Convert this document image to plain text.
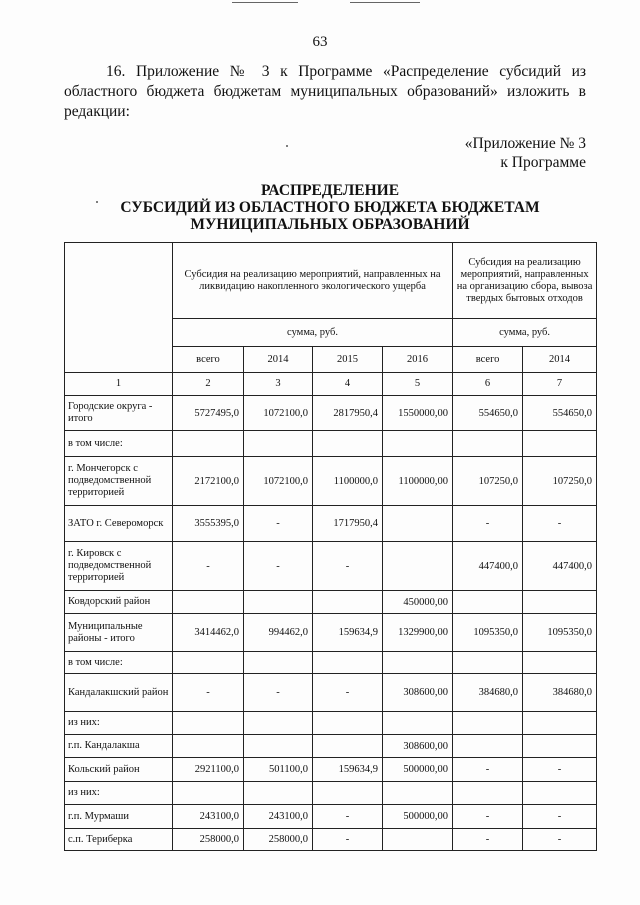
63
16. Приложение № 3 к Программе «Распределение субсидий из областного бюджета бюджетам муниципальных образований» изложить в редакции:
«Приложение № 3
к Программе
РАСПРЕДЕЛЕНИЕ
СУБСИДИЙ ИЗ ОБЛАСТНОГО БЮДЖЕТА БЮДЖЕТАМ
МУНИЦИПАЛЬНЫХ ОБРАЗОВАНИЙ
	Субсидия на реализацию мероприятий, направленных на ликвидацию накопленного экологического ущерба				Субсидия на реализацию мероприятий, направленных на организацию сбора, вывоза твердых бытовых отходов	
	сумма, руб.				сумма, руб.	
	всего	2014	2015	2016	всего	2014
1	2	3	4	5	6	7
Городские округа - итого	5727495,0	1072100,0	2817950,4	1550000,00	554650,0	554650,0
в том числе:						
г. Мончегорск с подведомственной территорией	2172100,0	1072100,0	1100000,0	1100000,00	107250,0	107250,0
ЗАТО г. Североморск	3555395,0	-	1717950,4		-	-
г. Кировск с подведомственной территорией	-	-	-		447400,0	447400,0
Ковдорский район				450000,00		
Муниципальные районы - итого	3414462,0	994462,0	159634,9	1329900,00	1095350,0	1095350,0
в том числе:						
Кандалакшский район	-	-	-	308600,00	384680,0	384680,0
из них:						
г.п. Кандалакша				308600,00		
Кольский район	2921100,0	501100,0	159634,9	500000,00	-	-
из них:						
г.п. Мурмаши	243100,0	243100,0	-	500000,00	-	-
с.п. Териберка	258000,0	258000,0	-		-	-
